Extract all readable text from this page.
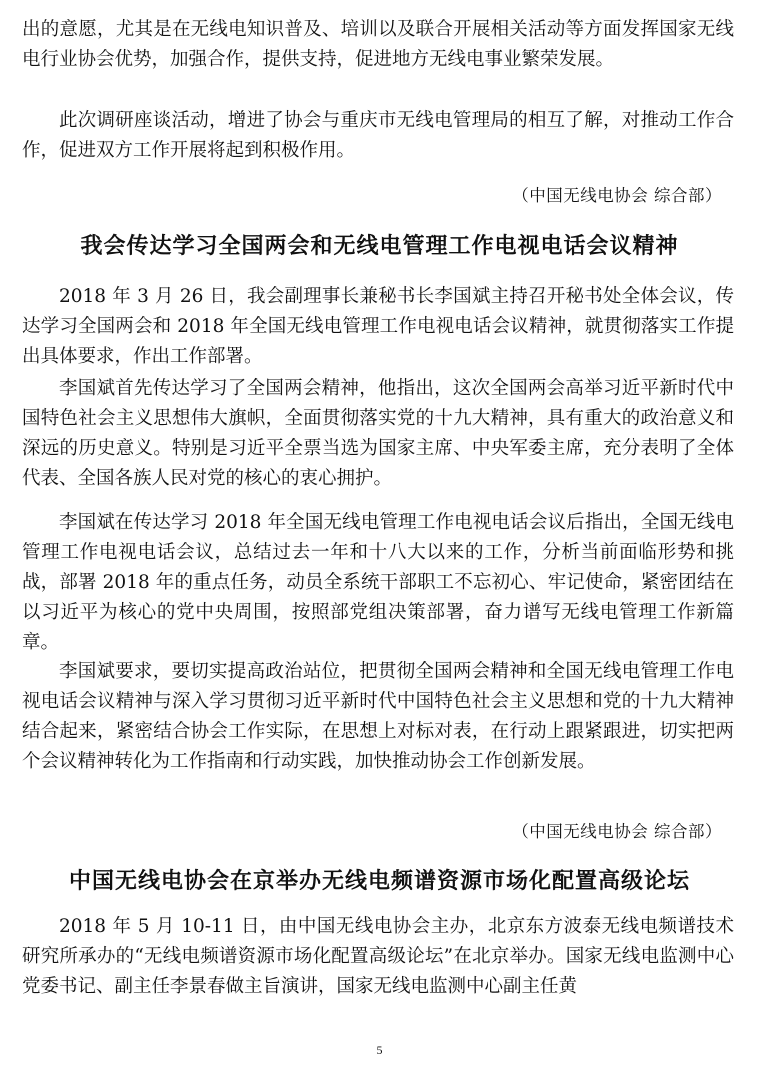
出的意愿，尤其是在无线电知识普及、培训以及联合开展相关活动等方面发挥国家无线电行业协会优势，加强合作，提供支持，促进地方无线电事业繁荣发展。

此次调研座谈活动，增进了协会与重庆市无线电管理局的相互了解，对推动工作合作，促进双方工作开展将起到积极作用。

（中国无线电协会 综合部）

我会传达学习全国两会和无线电管理工作电视电话会议精神

2018 年 3 月 26 日，我会副理事长兼秘书长李国斌主持召开秘书处全体会议，传达学习全国两会和 2018 年全国无线电管理工作电视电话会议精神，就贯彻落实工作提出具体要求，作出工作部署。

李国斌首先传达学习了全国两会精神，他指出，这次全国两会高举习近平新时代中国特色社会主义思想伟大旗帜，全面贯彻落实党的十九大精神，具有重大的政治意义和深远的历史意义。特别是习近平全票当选为国家主席、中央军委主席，充分表明了全体代表、全国各族人民对党的核心的衷心拥护。

李国斌在传达学习 2018 年全国无线电管理工作电视电话会议后指出，全国无线电管理工作电视电话会议，总结过去一年和十八大以来的工作，分析当前面临形势和挑战，部署 2018 年的重点任务，动员全系统干部职工不忘初心、牢记使命，紧密团结在以习近平为核心的党中央周围，按照部党组决策部署，奋力谱写无线电管理工作新篇章。

李国斌要求，要切实提高政治站位，把贯彻全国两会精神和全国无线电管理工作电视电话会议精神与深入学习贯彻习近平新时代中国特色社会主义思想和党的十九大精神结合起来，紧密结合协会工作实际，在思想上对标对表，在行动上跟紧跟进，切实把两个会议精神转化为工作指南和行动实践，加快推动协会工作创新发展。

（中国无线电协会 综合部）

中国无线电协会在京举办无线电频谱资源市场化配置高级论坛

2018 年 5 月 10-11 日，由中国无线电协会主办，北京东方波泰无线电频谱技术研究所承办的“无线电频谱资源市场化配置高级论坛”在北京举办。国家无线电监测中心党委书记、副主任李景春做主旨演讲，国家无线电监测中心副主任黄

5
